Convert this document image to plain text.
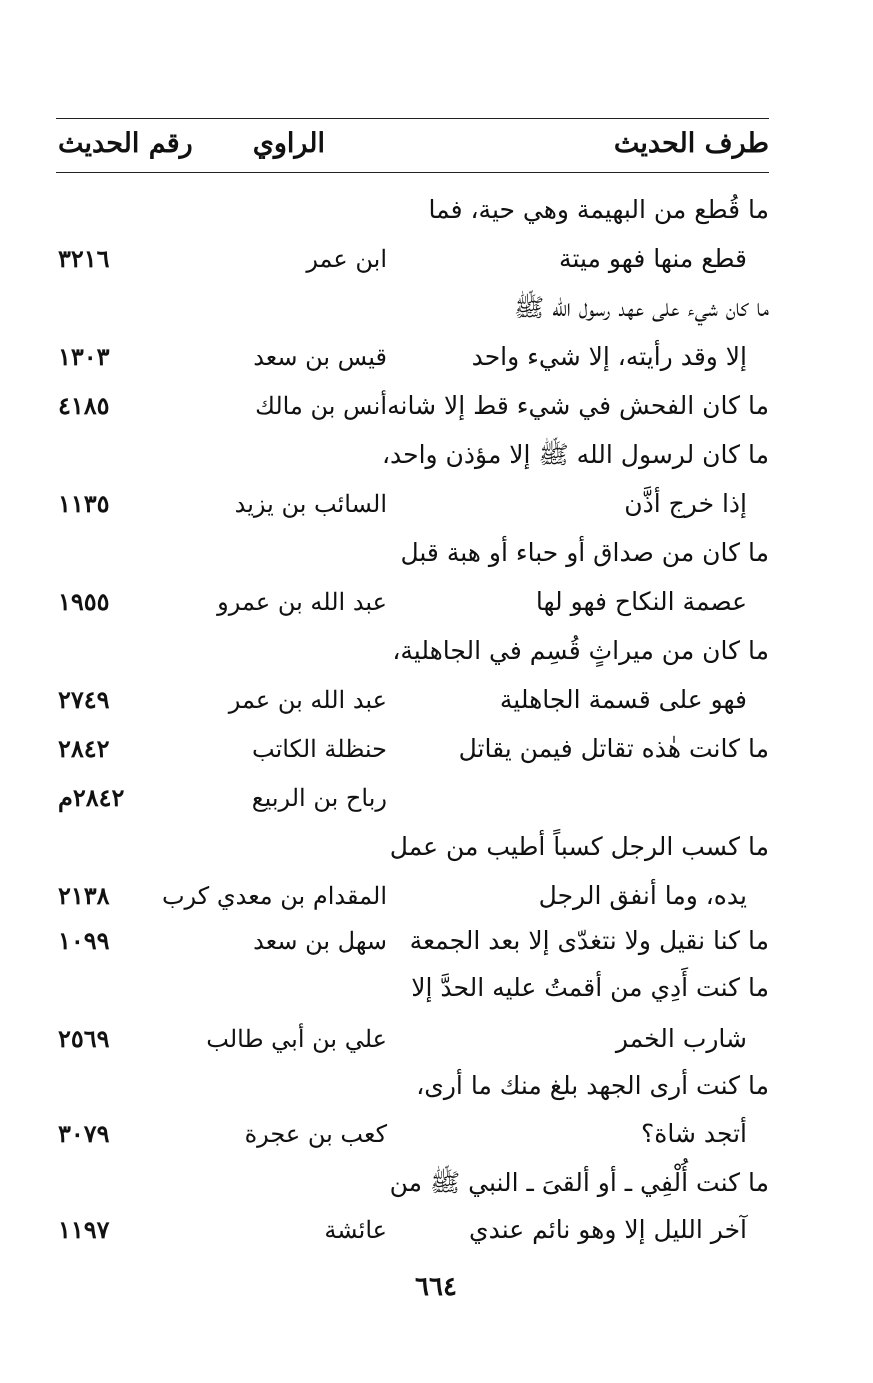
طرف الحديث
الراوي
رقم الحديث
ما قُطع من البهيمة وهي حية، فما
قطع منها فهو ميتة
ابن عمر
٣٢١٦
ما كان شيء على عهد رسول الله ﷺ
إلا وقد رأيته، إلا شيء واحد
قيس بن سعد
١٣٠٣
ما كان الفحش في شيء قط إلا شانه
أنس بن مالك
٤١٨٥
ما كان لرسول الله ﷺ إلا مؤذن واحد،
إذا خرج أذَّن
السائب بن يزيد
١١٣٥
ما كان من صداق أو حباء أو هبة قبل
عصمة النكاح فهو لها
عبد الله بن عمرو
١٩٥٥
ما كان من ميراثٍ قُسِم في الجاهلية،
فهو على قسمة الجاهلية
عبد الله بن عمر
٢٧٤٩
ما كانت هٰذه تقاتل فيمن يقاتل
حنظلة الكاتب
٢٨٤٢
رباح بن الربيع
٢٨٤٢م
ما كسب الرجل كسباً أطيب من عمل
يده، وما أنفق الرجل
المقدام بن معدي كرب
٢١٣٨
ما كنا نقيل ولا نتغدّى إلا بعد الجمعة
سهل بن سعد
١٠٩٩
ما كنت أَدِي من أقمتُ عليه الحدَّ إلا
شارب الخمر
علي بن أبي طالب
٢٥٦٩
ما كنت أرى الجهد بلغ منك ما أرى،
أتجد شاة؟
كعب بن عجرة
٣٠٧٩
ما كنت أُلْفِي ـ أو ألقىَ ـ النبي ﷺ من
آخر الليل إلا وهو نائم عندي
عائشة
١١٩٧
٦٦٤
